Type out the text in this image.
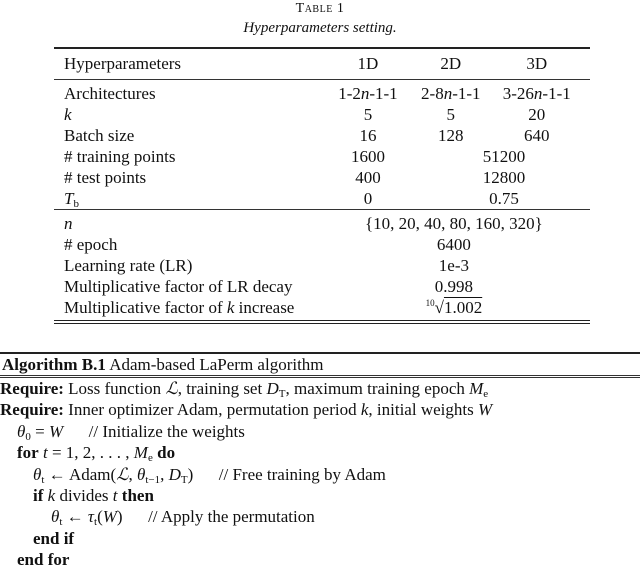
Table 1
Hyperparameters setting.
Hyperparameters	1D	2D	3D
Architectures	1-2n-1-1	2-8n-1-1	3-26n-1-1
k	5	5	20
Batch size	16	128	640
# training points	1600	51200	
# test points	400	12800	
$T_b$	0	0.75	
n	{10, 20, 40, 80, 160, 320}		
# epoch	6400		
Learning rate (LR)	1e-3		
Multiplicative factor of LR decay	0.998		
Multiplicative factor of k increase	$^{10}$√1.002		
Algorithm B.1 Adam-based LaPerm algorithm
Require: Loss function ℒ, training set $D_T$, maximum training epoch $M_e$
Require: Inner optimizer Adam, permutation period k, initial weights W
$\theta_0 = W$      // Initialize the weights
for t = 1, 2, . . . , $M_e$ do
$\theta_t$ ← Adam(ℒ, $\theta_{t-1}$, $D_T$)      // Free training by Adam
if k divides t then
$\theta_t$ ← $\tau_t(W)$      // Apply the permutation
end if
end for
